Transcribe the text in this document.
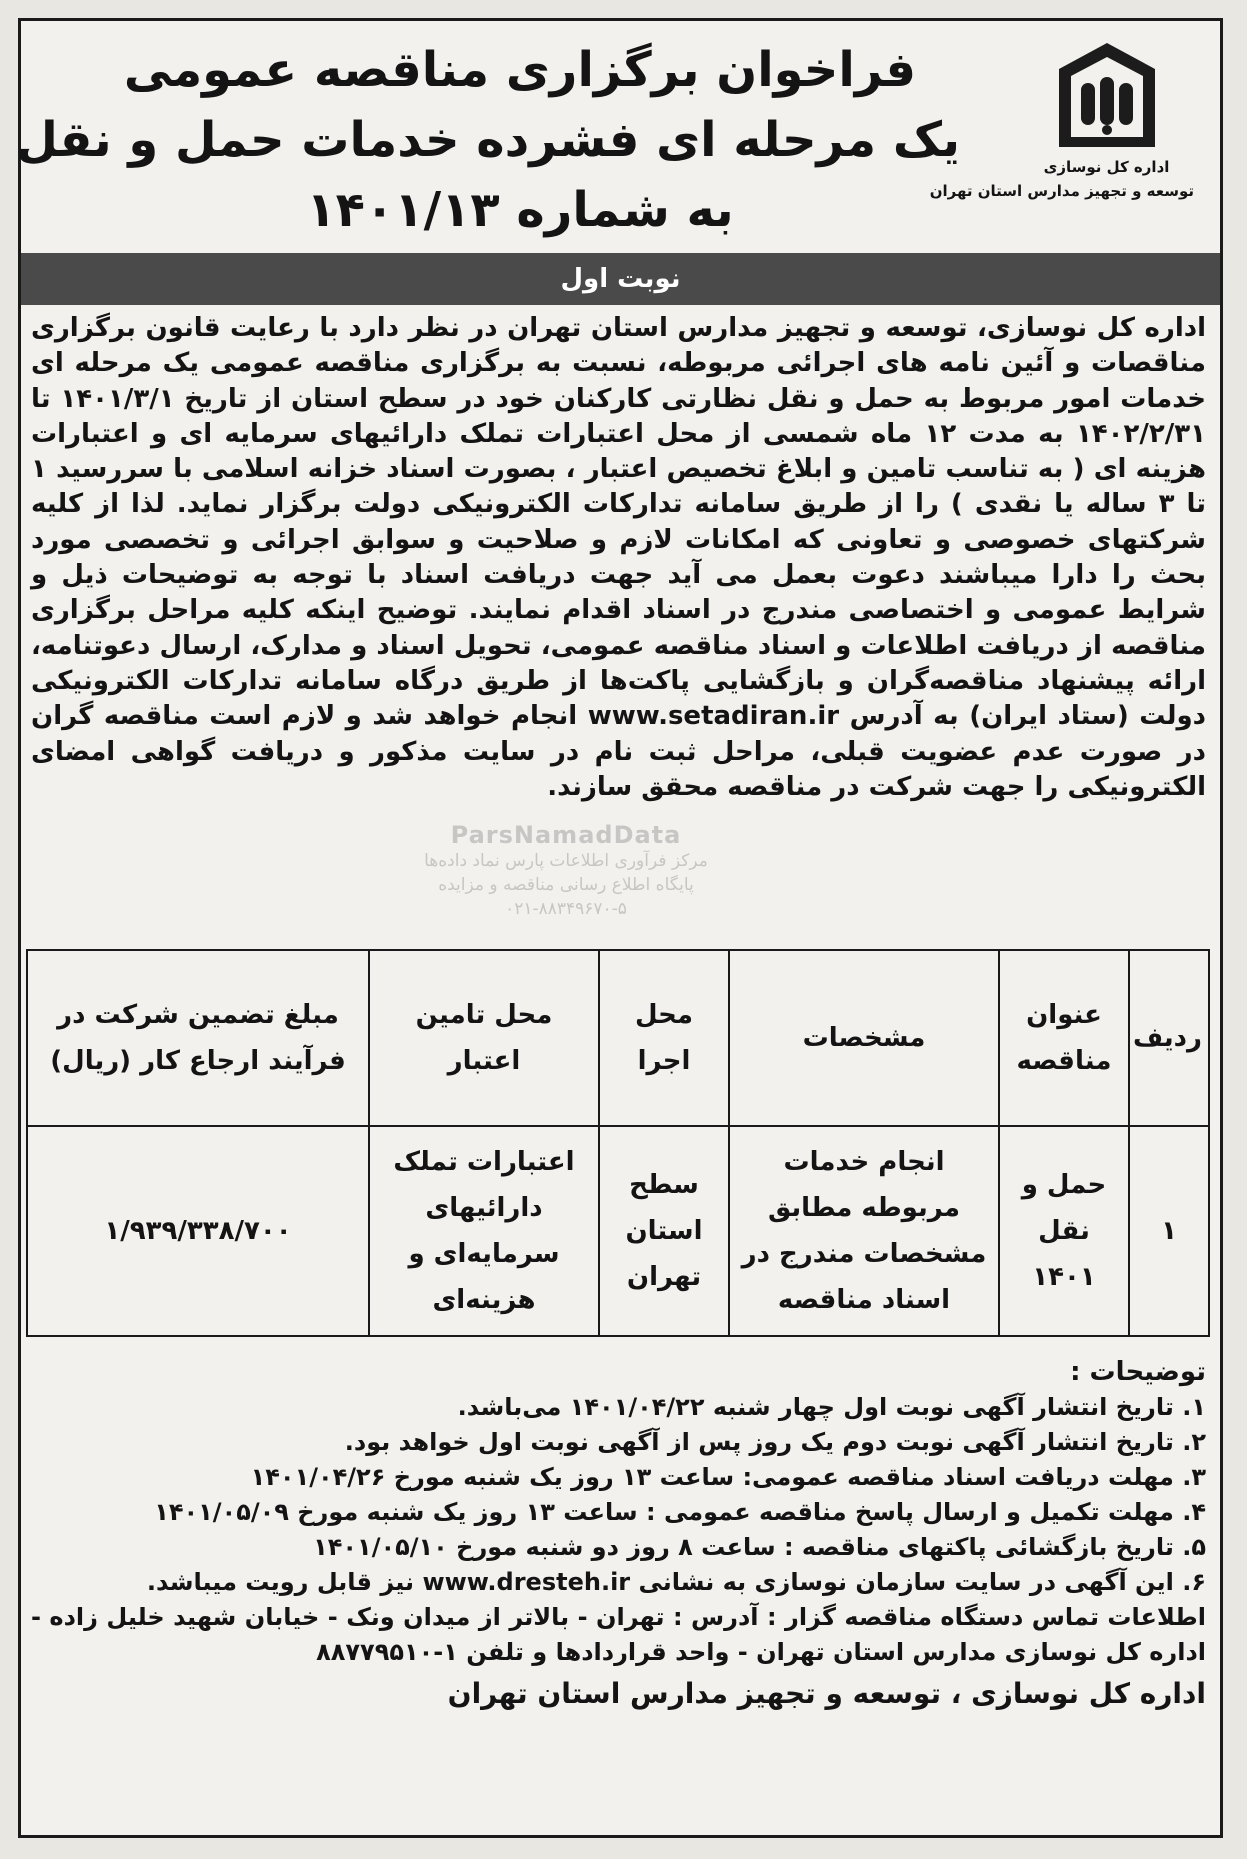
اداره کل نوسازی
توسعه و تجهیز مدارس استان تهران
فراخوان برگزاری مناقصه عمومی
یک مرحله ای فشرده خدمات حمل و نقل
به شماره ۱۴۰۱/۱۳
نوبت اول
اداره کل نوسازی، توسعه و تجهیز مدارس استان تهران در نظر دارد با رعایت قانون برگزاری مناقصات و آئین نامه های اجرائی مربوطه، نسبت به برگزاری مناقصه عمومی یک مرحله ای خدمات امور مربوط به حمل و نقل نظارتی کارکنان خود در سطح استان از تاریخ ۱۴۰۱/۳/۱ تا ۱۴۰۲/۲/۳۱ به مدت ۱۲ ماه شمسی از محل اعتبارات تملک دارائیهای سرمایه ای و اعتبارات هزینه ای ( به تناسب تامین و ابلاغ تخصیص اعتبار ، بصورت اسناد خزانه اسلامی با سررسید ۱ تا ۳ ساله یا نقدی ) را از طریق سامانه تدارکات الکترونیکی دولت برگزار نماید. لذا از کلیه شرکتهای خصوصی و تعاونی که امکانات لازم و صلاحیت و سوابق اجرائی و تخصصی مورد بحث را دارا میباشند دعوت بعمل می آید جهت دریافت اسناد با توجه به توضیحات ذیل و شرایط عمومی و اختصاصی مندرج در اسناد اقدام نمایند. توضیح اینکه کلیه مراحل برگزاری مناقصه از دریافت اطلاعات و اسناد مناقصه عمومی، تحویل اسناد و مدارک، ارسال دعوتنامه، ارائه پیشنهاد مناقصه‌گران و بازگشایی پاکت‌ها از طریق درگاه سامانه تدارکات الکترونیکی دولت (ستاد ایران) به آدرس www.setadiran.ir انجام خواهد شد و لازم است مناقصه گران در صورت عدم عضویت قبلی، مراحل ثبت نام در سایت مذکور و دریافت گواهی امضای الکترونیکی را جهت شرکت در مناقصه محقق سازند.
ParsNamadData
مرکز فرآوری اطلاعات پارس نماد داده‌ها
پایگاه اطلاع رسانی مناقصه و مزایده
۰۲۱-۸۸۳۴۹۶۷۰-۵
ردیف	عنوان مناقصه	مشخصات	محل اجرا	محل تامین اعتبار	مبلغ تضمین شرکت در فرآیند ارجاع کار (ریال)
۱	حمل و نقل ۱۴۰۱	انجام خدمات مربوطه مطابق مشخصات مندرج در اسناد مناقصه	سطح استان تهران	اعتبارات تملک دارائیهای سرمایه‌ای و هزینه‌ای	۱/۹۳۹/۳۳۸/۷۰۰
توضیحات :
۱. تاریخ انتشار آگهی نوبت اول چهار شنبه ۱۴۰۱/۰۴/۲۲ می‌باشد.
۲. تاریخ انتشار آگهی نوبت دوم یک روز پس از آگهی نوبت اول خواهد بود.
۳. مهلت دریافت اسناد مناقصه عمومی: ساعت ۱۳ روز یک شنبه مورخ ۱۴۰۱/۰۴/۲۶
۴. مهلت تکمیل و ارسال پاسخ مناقصه عمومی : ساعت ۱۳ روز یک شنبه مورخ ۱۴۰۱/۰۵/۰۹
۵. تاریخ بازگشائی پاکتهای مناقصه : ساعت ۸ روز دو شنبه مورخ ۱۴۰۱/۰۵/۱۰
۶. این آگهی در سایت سازمان نوسازی به نشانی www.dresteh.ir نیز قابل رویت میباشد.
اطلاعات تماس دستگاه مناقصه گزار : آدرس : تهران - بالاتر از میدان ونک - خیابان شهید خلیل زاده - اداره کل نوسازی مدارس استان تهران - واحد قراردادها و تلفن ۱-۸۸۷۷۹۵۱۰
اداره کل نوسازی ، توسعه و تجهیز مدارس استان تهران
